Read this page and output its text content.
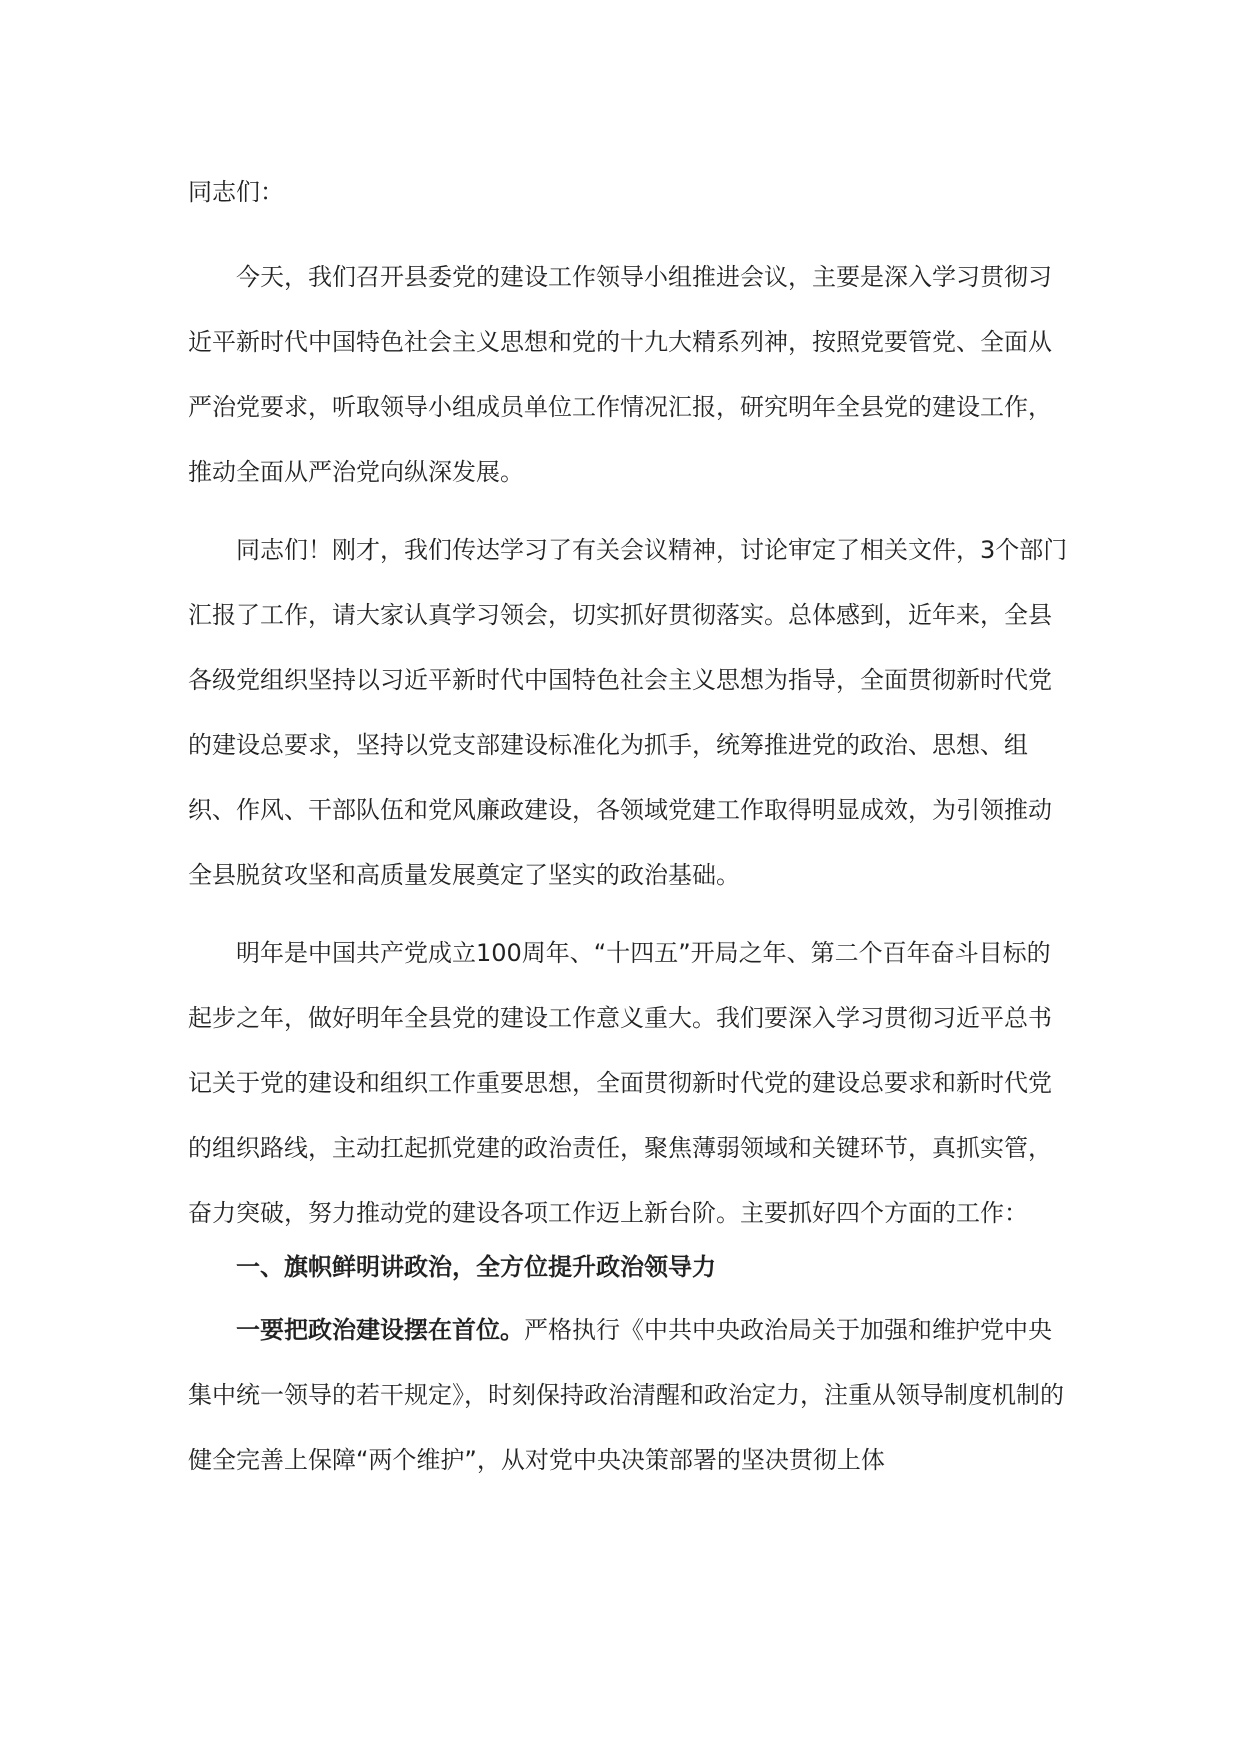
同志们：

今天，我们召开县委党的建设工作领导小组推进会议，主要是深入学习贯彻习近平新时代中国特色社会主义思想和党的十九大精系列神，按照党要管党、全面从严治党要求，听取领导小组成员单位工作情况汇报，研究明年全县党的建设工作，推动全面从严治党向纵深发展。

同志们！刚才，我们传达学习了有关会议精神，讨论审定了相关文件，3个部门汇报了工作，请大家认真学习领会，切实抓好贯彻落实。总体感到，近年来，全县各级党组织坚持以习近平新时代中国特色社会主义思想为指导，全面贯彻新时代党的建设总要求，坚持以党支部建设标准化为抓手，统筹推进党的政治、思想、组织、作风、干部队伍和党风廉政建设，各领域党建工作取得明显成效，为引领推动全县脱贫攻坚和高质量发展奠定了坚实的政治基础。

明年是中国共产党成立100周年、“十四五”开局之年、第二个百年奋斗目标的起步之年，做好明年全县党的建设工作意义重大。我们要深入学习贯彻习近平总书记关于党的建设和组织工作重要思想，全面贯彻新时代党的建设总要求和新时代党的组织路线，主动扛起抓党建的政治责任，聚焦薄弱领域和关键环节，真抓实管，奋力突破，努力推动党的建设各项工作迈上新台阶。主要抓好四个方面的工作：

一、旗帜鲜明讲政治，全方位提升政治领导力

一要把政治建设摆在首位。严格执行《中共中央政治局关于加强和维护党中央集中统一领导的若干规定》，时刻保持政治清醒和政治定力，注重从领导制度机制的健全完善上保障“两个维护”，从对党中央决策部署的坚决贯彻上体
